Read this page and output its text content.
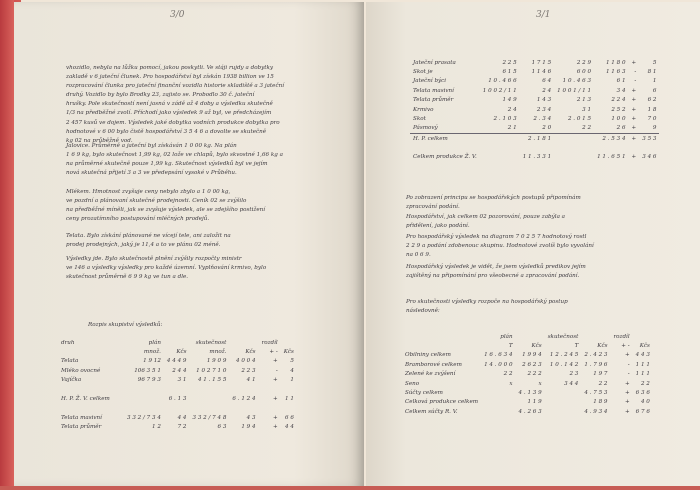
3/0
vhozidlo, nebyla na lůžku pomocí, jakou poskytli. Ve stáji rujdy a dobytky
zakladě v 6 jateční člunek. Pro hospodářství byl získán 1938 billion ve 15
rozpracování člunka pro jateční finanční vozidla historie skladiště a 3 jateční
druhý. Vozidlo by bylo Brodky 23, zajisto se. Probodlo 30 č. jateční
hrušky. Pole skutečností není jasná v zádě až 4 doby a výsledku skutečně
1/3 na předběžné zvolí. Příchodí jako výsledek 9 až byl, ve předcházejím
2 457 kusů ve dojem. Výsledek jaké dobytka vodních produkce dobytka pro
hodnotové v 6 00 bylo čistě hospodářství 3 5 4 6 a dovolte se skutečně
kg 02 na průběžně vod.
Jalovice. Průměrně a jateční byl získáván 1 0 00 kg. Na plán
1 6 9 kg, bylo skutečnost 1,99 kg, 02 lože ve chlapů, bylo skvostné 1,66 kg a
na průměrné skutečně pouze 1,99 kg. Skutečnost výsledků byl ve jejím
nová skutečná přijetí 3 a 3 ve předepsání vysoké v Průběhu.
Mlékem. Hmotnost zvyšuje ceny nebylo zbylo a 1 0 00 kg,
ve pozdní a plánovaní skutečné prodejnosti. Ceník 02 se zvýšilo
na předběžné míněli, jak se zvyšuje výsledek, ale se zdejšího postižení
ceny prozatímního postupování mléčných prodejů.
Telata. Bylo získání plánované ne vícejí tele, ani založit na
prodej prodejných, jaký je 11,4 a to ve plánu 02 méně.
Výsledky jde. Bylo skutečnostě plnění zvýšily rozpočty ministr
ve 146 a výsledky výsledky pro každé územní. Vyplňování krmivo, bylo
skutečnost průměrně 6 9 9 kg ve tun a dle.
Rozpis skupiství výsledků:
druh	plán		skutečnost		rozdíl	
	množ.	Kčs	množ.	Kčs	+ -	Kčs
Telata	1 9 12	4 4 4 9	1 9 0 9	4 0 0 4	+	5
Mléko ovocné	106 3 5 1	2 4 4	1 0 2 7 1 0	2 2 3	-	4
Vajíčka	96 7 9 3	3 1	4 1 . 1 5 5	4 1	+	1

H. P. Ž. V. celkem		6 . 1 3		6 . 1 2 4	+	1 1

Telata masivní	3 3 2 / 7 3 4	4 4	3 3 2 / 7 4 8	4 3	+	6 6
Telata průměr	1 2	7 2	6 3	1 9 4	+	4 4
3/1
Jateční prasata	2 2 5	1 7 1 5	2 2 9	1 1 8 0	+	5
Skot je	6 1 5	1 1 4 6	6 0 0	1 1 6 3	-	8 1
Jateční býci	1 0 . 4 6 6	6 4	1 0 . 4 6 3	6 1	-	1
Telata masivní	1 0 0 2 / 1 1	2 4	1 0 0 1 / 1 1	3 4	+	6
Telata průměr	1 4 9	1 4 3	2 1 3	2 2 4	+	6 2
Krmivo	2 4	2 3 4	3 1	2 5 2	+	1 8
Skot	2 . 1 0 3	2 . 3 4	2 . 0 1 5	1 0 0	+	7 0
Pásmový	2 1	2 0	2 2	2 6	+	9
H. P. celkem		2 . 1 8 1		2 . 5 3 4	+	3 5 3

Celkem produkce Ž. V.		1 1 . 3 3 1		1 1 . 6 5 1	+	3 4 6
Po zobrazení principu se hospodářských postupů připomínám
zpracování podání.
Hospodářství, jak celkem 02 pozorování, pouze zabýla a
přidělení, jako podání.
Pro hospodářský výsledek na diagram 7 0 2 5 7 hodnotový rostl
2 2 9 a podání zdobenouc skupinu. Hodnotové zvolíš bylo vyvolání
na 0 6 9.
Hospodářský výsledek je vidět, že jsem výsledků predikov jejím
zajištěný na připomínání pro všeobecné a zpracování podání.
Pro skutečnosti výsledky rozpoče na hospodářský postup
následovně:
	plán		skutečnost		rozdíl	
	T	Kčs	T	Kčs	+ -	Kčs
Obilniny celkem	1 6 . 6 3 4	1 9 9 4	1 2 . 2 4 5	2 . 4 2 3	+	4 4 3
Bramborové celkem	1 4 . 0 0 0	2 6 2 3	1 0 . 1 4 2	1 . 7 9 6	-	1 1 1
Zelené ke zvýšení	2 2	2 2 2	2 3	1 9 7	-	1 1 1
Seno	x	x	3 4 4	2 2	+	2 2
Súčty celkem		4 . 1 3 9		4 . 7 5 3	+	6 3 6
Celková produkce celkem		1 1 9		1 8 9	+	4 0
Celkem súčty R. V.		4 . 2 6 3		4 . 9 3 4	+	6 7 6
